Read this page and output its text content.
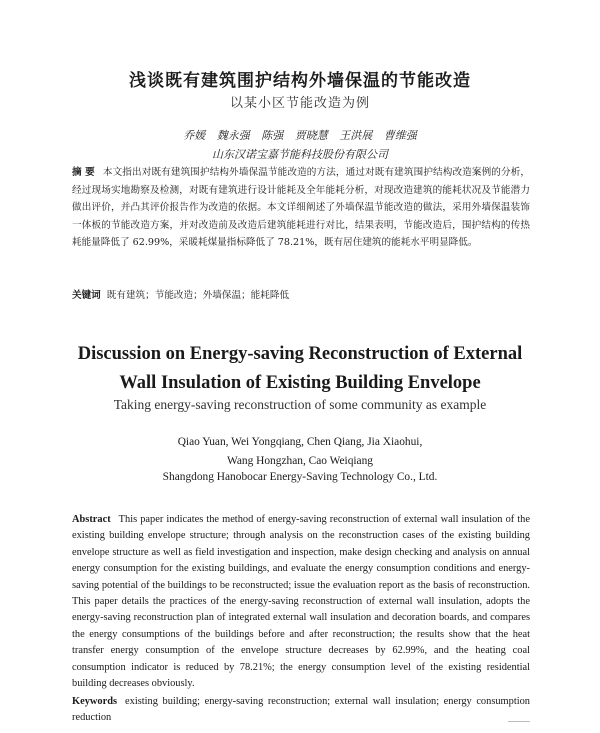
浅谈既有建筑围护结构外墙保温的节能改造
以某小区节能改造为例
乔媛 魏永强 陈强 贾晓慧 王洪展 曹维强
山东汉诺宝嘉节能科技股份有限公司
摘 要 本文指出对既有建筑围护结构外墙保温节能改造的方法，通过对既有建筑围护结构改造案例的分析，经过现场实地勘察及检测，对既有建筑进行设计能耗及全年能耗分析，对现改造建筑的能耗状况及节能潜力做出评价，并凸其评价报告作为改造的依据。本文详细阐述了外墙保温节能改造的做法，采用外墙保温装饰一体板的节能改造方案，并对改造前及改造后建筑能耗进行对比，结果表明，节能改造后，围护结构的传热耗能量降低了 62.99%，采暖耗煤量指标降低了 78.21%，既有居住建筑的能耗水平明显降低。
关键词 既有建筑；节能改造；外墙保温；能耗降低
Discussion on Energy-saving Reconstruction of External
Wall Insulation of Existing Building Envelope
Taking energy-saving reconstruction of some community as example
Qiao Yuan, Wei Yongqiang, Chen Qiang, Jia Xiaohui,
Wang Hongzhan, Cao Weiqiang
Shangdong Hanobocar Energy-Saving Technology Co., Ltd.
Abstract This paper indicates the method of energy-saving reconstruction of external wall insulation of the existing building envelope structure; through analysis on the reconstruction cases of the existing building envelope structure as well as field investigation and inspection, make design checking and analysis on annual energy consumption for the existing buildings, and evaluate the energy consumption conditions and energy-saving potential of the buildings to be reconstructed; issue the evaluation report as the basis of reconstruction. This paper details the practices of the energy-saving reconstruction of external wall insulation, adopts the energy-saving reconstruction plan of integrated external wall insulation and decoration boards, and compares the energy consumptions of the buildings before and after reconstruction; the results show that the heat transfer energy consumption of the envelope structure decreases by 62.99%, and the heating coal consumption indicator is reduced by 78.21%; the energy consumption level of the existing residential building decreases obviously.
Keywords existing building; energy-saving reconstruction; external wall insulation; energy consumption reduction
